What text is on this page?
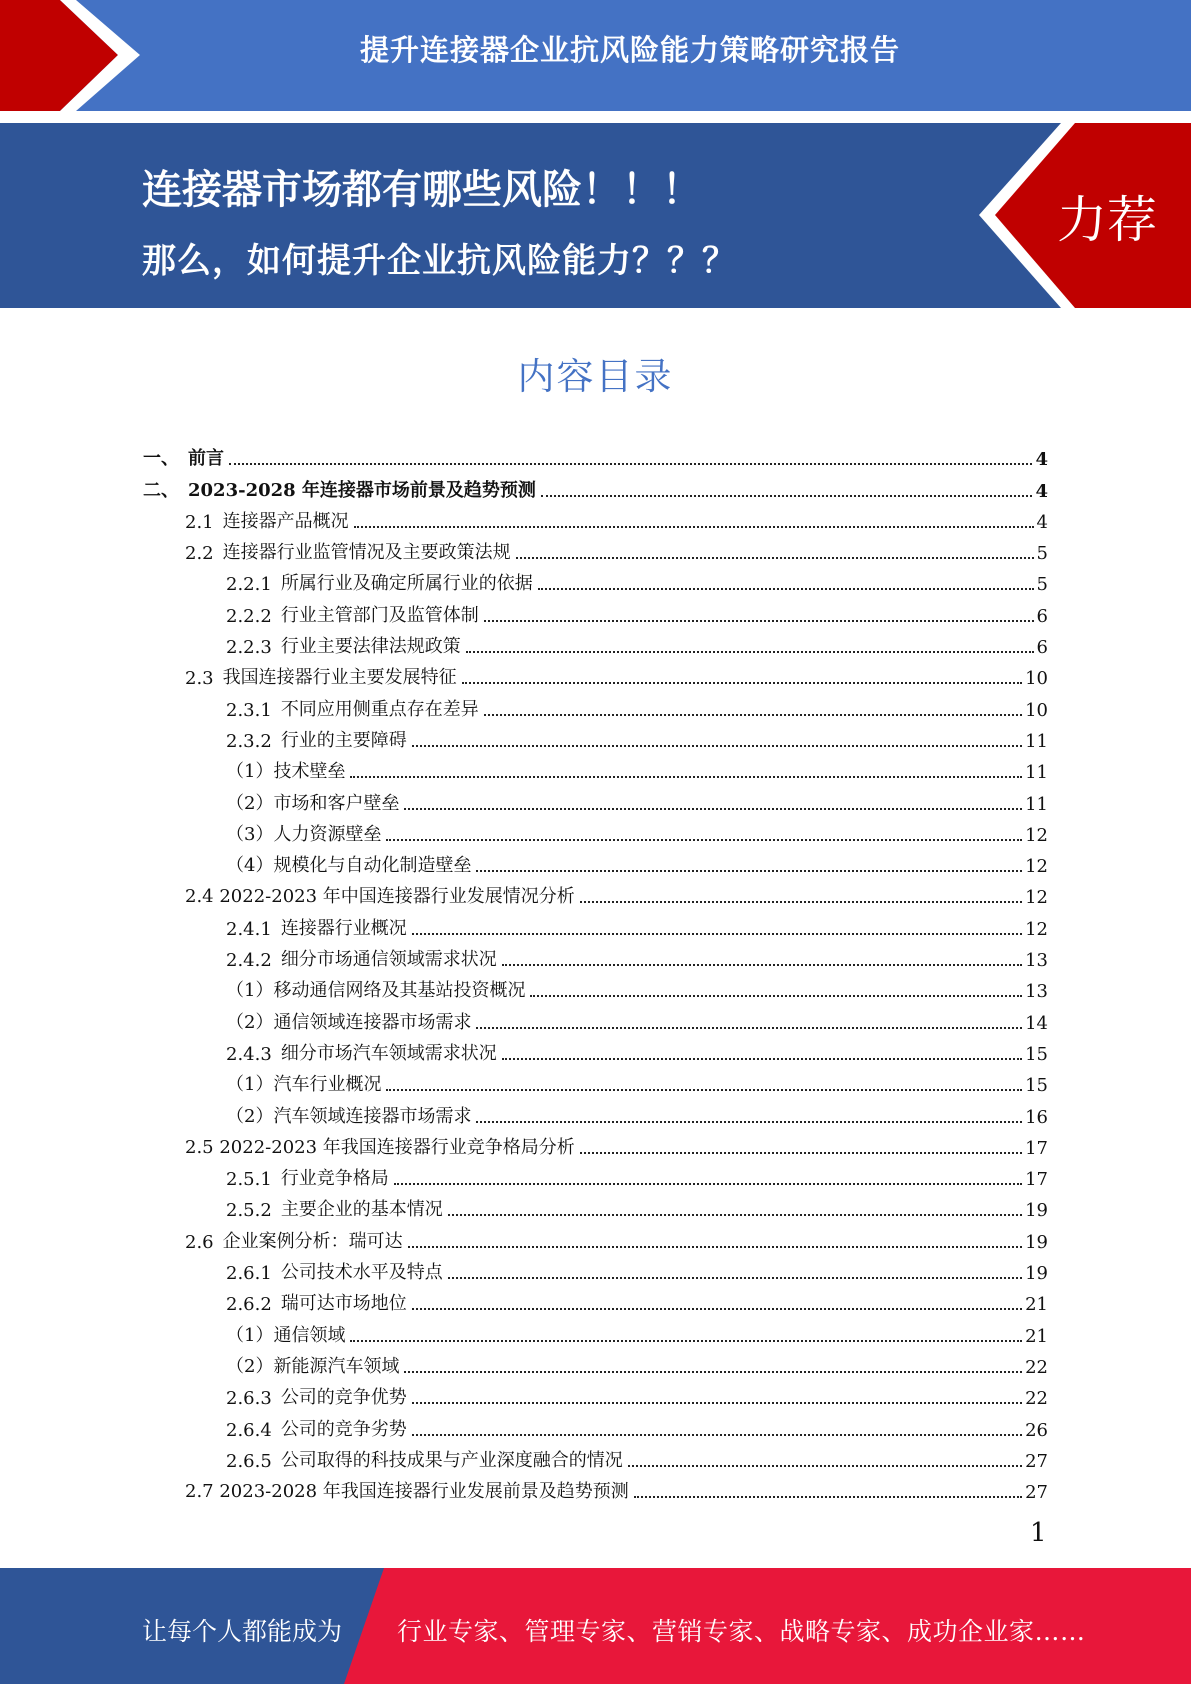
提升连接器企业抗风险能力策略研究报告
连接器市场都有哪些风险！！！
那么，如何提升企业抗风险能力？？？
力荐
内容目录
一、 前言	4
二、 2023-2028 年连接器市场前景及趋势预测	4
2.1 连接器产品概况	4
2.2 连接器行业监管情况及主要政策法规	5
2.2.1 所属行业及确定所属行业的依据	5
2.2.2 行业主管部门及监管体制	6
2.2.3 行业主要法律法规政策	6
2.3 我国连接器行业主要发展特征	10
2.3.1 不同应用侧重点存在差异	10
2.3.2 行业的主要障碍	11
（1）技术壁垒	11
（2）市场和客户壁垒	11
（3）人力资源壁垒	12
（4）规模化与自动化制造壁垒	12
2.4 2022-2023 年中国连接器行业发展情况分析	12
2.4.1 连接器行业概况	12
2.4.2 细分市场通信领域需求状况	13
（1）移动通信网络及其基站投资概况	13
（2）通信领域连接器市场需求	14
2.4.3 细分市场汽车领域需求状况	15
（1）汽车行业概况	15
（2）汽车领域连接器市场需求	16
2.5 2022-2023 年我国连接器行业竞争格局分析	17
2.5.1 行业竞争格局	17
2.5.2 主要企业的基本情况	19
2.6 企业案例分析：瑞可达	19
2.6.1 公司技术水平及特点	19
2.6.2 瑞可达市场地位	21
（1）通信领域	21
（2）新能源汽车领域	22
2.6.3 公司的竞争优势	22
2.6.4 公司的竞争劣势	26
2.6.5 公司取得的科技成果与产业深度融合的情况	27
2.7 2023-2028 年我国连接器行业发展前景及趋势预测	27
1
让每个人都能成为 行业专家、管理专家、营销专家、战略专家、成功企业家……
